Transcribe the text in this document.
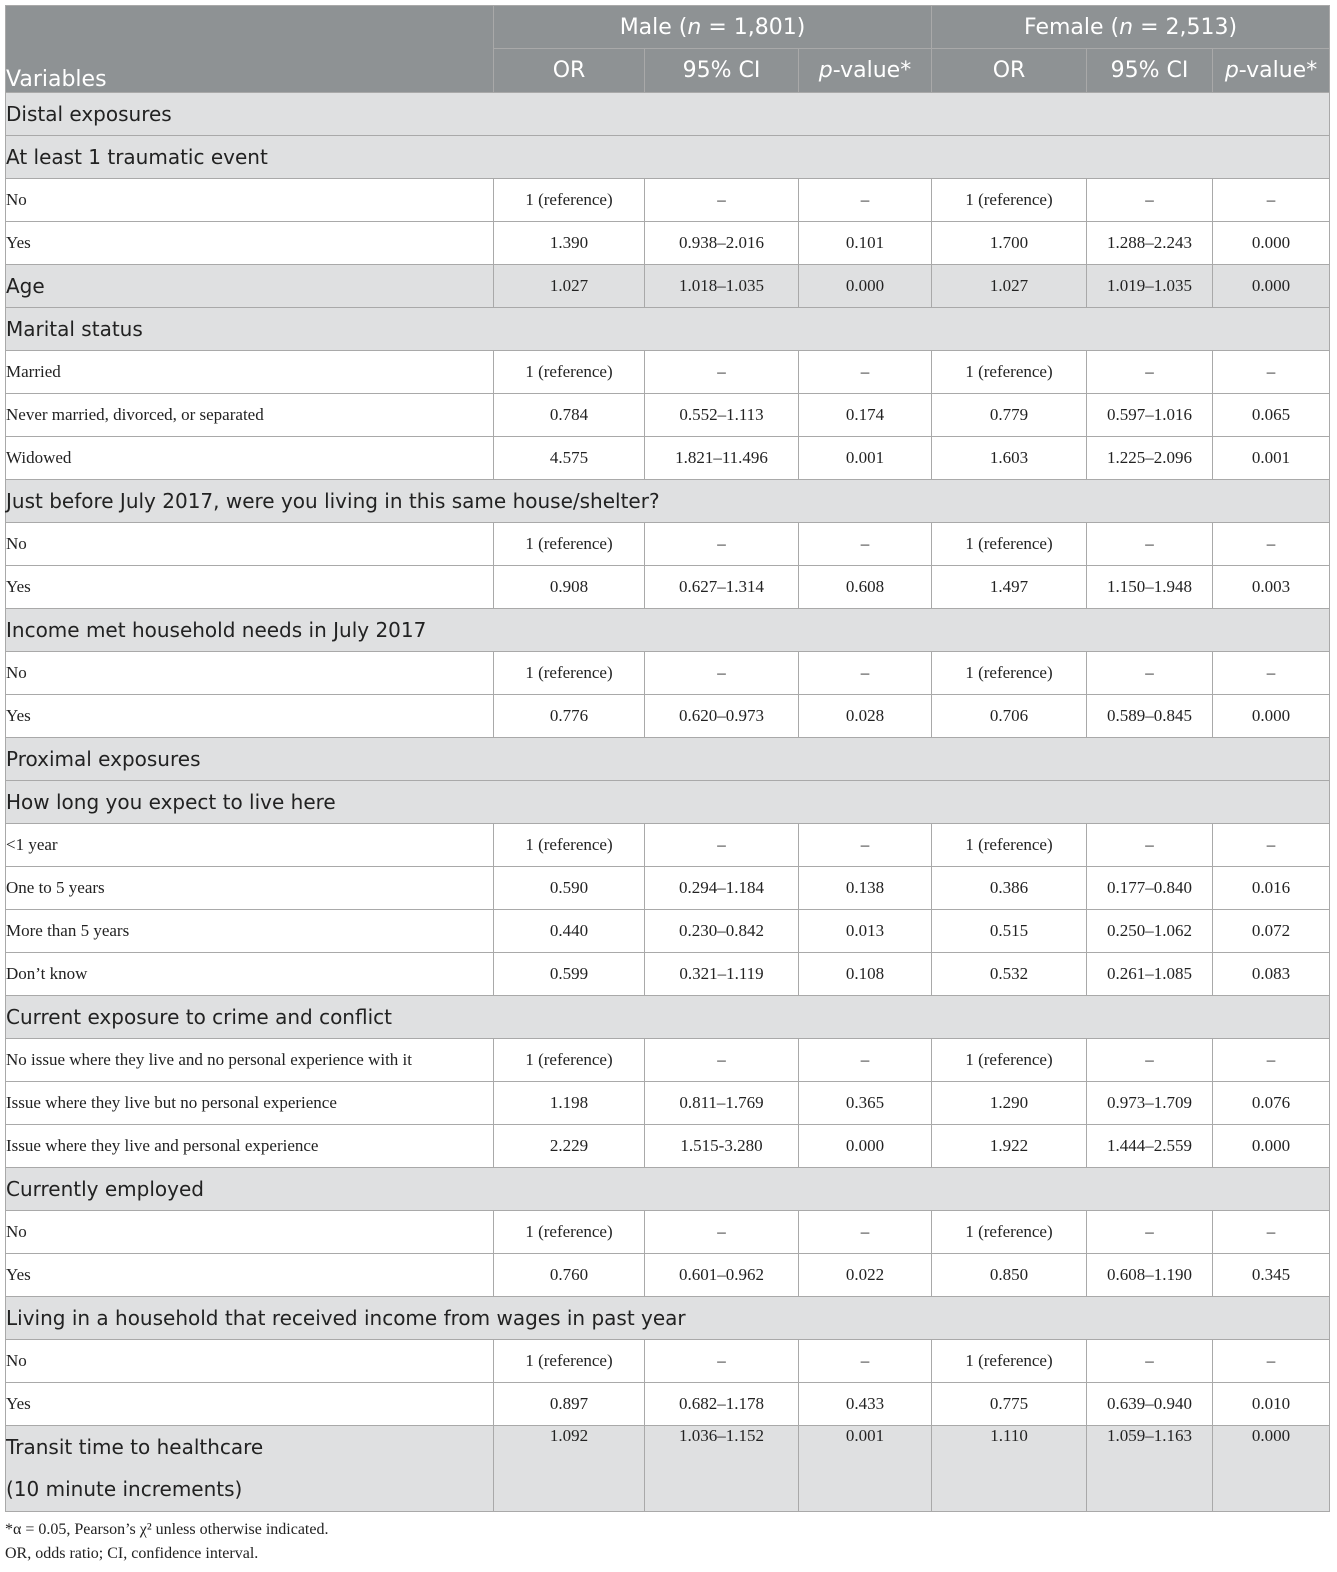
Variables	Male (n = 1,801)			Female (n = 2,513)		
	OR	95% CI	p-value*	OR	95% CI	p-value*
Distal exposures						
At least 1 traumatic event						
No	1 (reference)	–	–	1 (reference)	–	–
Yes	1.390	0.938–2.016	0.101	1.700	1.288–2.243	0.000
Age	1.027	1.018–1.035	0.000	1.027	1.019–1.035	0.000
Marital status						
Married	1 (reference)	–	–	1 (reference)	–	–
Never married, divorced, or separated	0.784	0.552–1.113	0.174	0.779	0.597–1.016	0.065
Widowed	4.575	1.821–11.496	0.001	1.603	1.225–2.096	0.001
Just before July 2017, were you living in this same house/shelter?						
No	1 (reference)	–	–	1 (reference)	–	–
Yes	0.908	0.627–1.314	0.608	1.497	1.150–1.948	0.003
Income met household needs in July 2017						
No	1 (reference)	–	–	1 (reference)	–	–
Yes	0.776	0.620–0.973	0.028	0.706	0.589–0.845	0.000
Proximal exposures						
How long you expect to live here						
<1 year	1 (reference)	–	–	1 (reference)	–	–
One to 5 years	0.590	0.294–1.184	0.138	0.386	0.177–0.840	0.016
More than 5 years	0.440	0.230–0.842	0.013	0.515	0.250–1.062	0.072
Don’t know	0.599	0.321–1.119	0.108	0.532	0.261–1.085	0.083
Current exposure to crime and conflict						
No issue where they live and no personal experience with it	1 (reference)	–	–	1 (reference)	–	–
Issue where they live but no personal experience	1.198	0.811–1.769	0.365	1.290	0.973–1.709	0.076
Issue where they live and personal experience	2.229	1.515-3.280	0.000	1.922	1.444–2.559	0.000
Currently employed						
No	1 (reference)	–	–	1 (reference)	–	–
Yes	0.760	0.601–0.962	0.022	0.850	0.608–1.190	0.345
Living in a household that received income from wages in past year						
No	1 (reference)	–	–	1 (reference)	–	–
Yes	0.897	0.682–1.178	0.433	0.775	0.639–0.940	0.010

Transit time to healthcare
(10 minute increments)	1.092	1.036–1.152	0.001	1.110	1.059–1.163	0.000
*α = 0.05, Pearson’s χ² unless otherwise indicated.
OR, odds ratio; CI, confidence interval.
